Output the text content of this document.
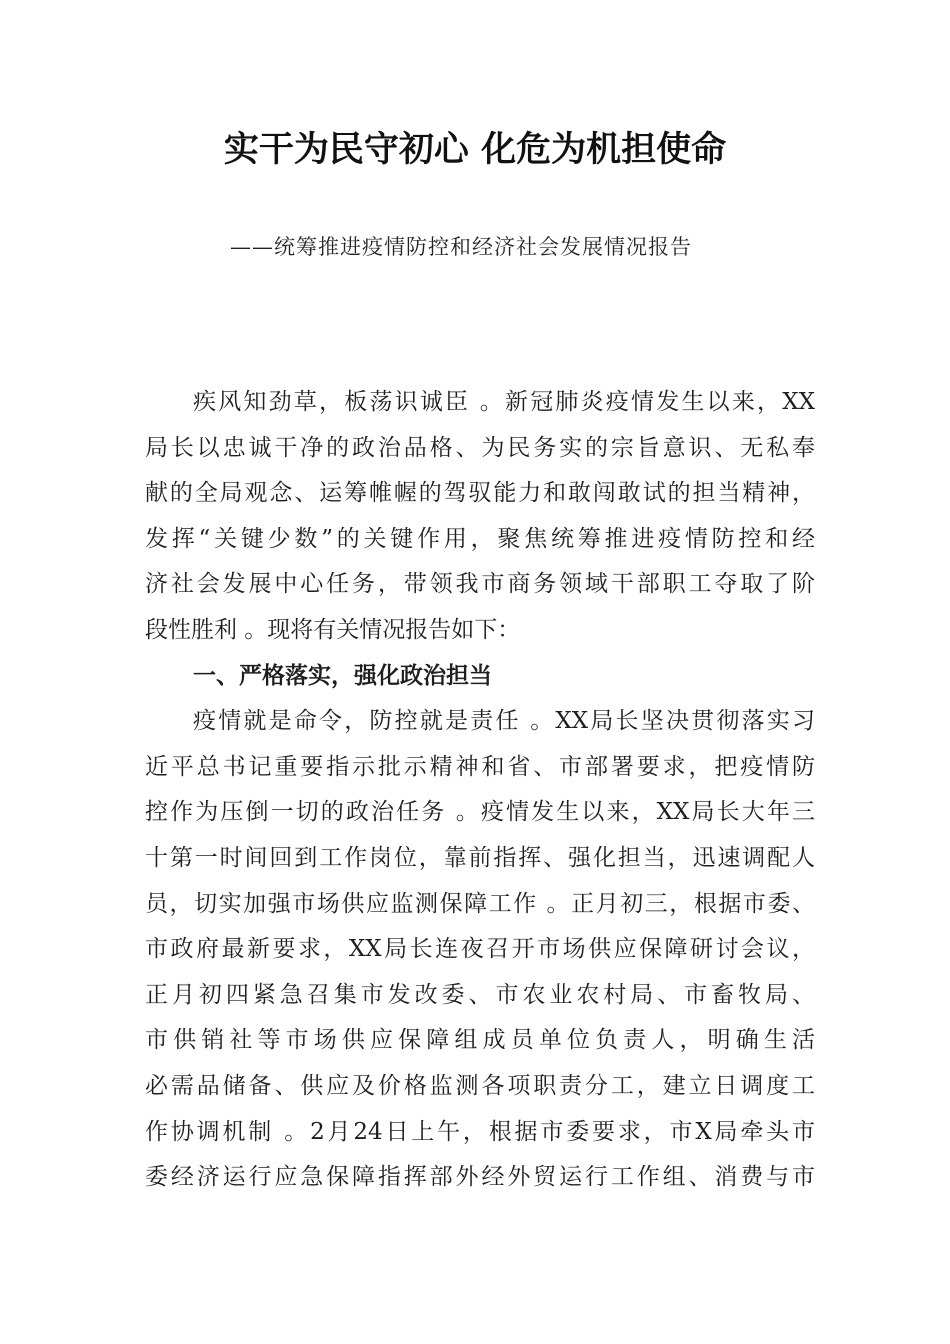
实干为民守初心 化危为机担使命
——统筹推进疫情防控和经济社会发展情况报告
疾风知劲草，板荡识诚臣 。新冠肺炎疫情发生以来，XX
局长以忠诚干净的政治品格、为民务实的宗旨意识、无私奉
献的全局观念、运筹帷幄的驾驭能力和敢闯敢试的担当精神，
发挥“关键少数”的关键作用，聚焦统筹推进疫情防控和经
济社会发展中心任务，带领我市商务领域干部职工夺取了阶
段性胜利 。现将有关情况报告如下：
一、严格落实，强化政治担当
疫情就是命令，防控就是责任 。XX局长坚决贯彻落实习
近平总书记重要指示批示精神和省、市部署要求，把疫情防
控作为压倒一切的政治任务 。疫情发生以来，XX局长大年三
十第一时间回到工作岗位，靠前指挥、强化担当，迅速调配人
员，切实加强市场供应监测保障工作 。正月初三，根据市委、
市政府最新要求，XX局长连夜召开市场供应保障研讨会议，
正月初四紧急召集市发改委、市农业农村局、市畜牧局、
市供销社等市场供应保障组成员单位负责人，明确生活
必需品储备、供应及价格监测各项职责分工，建立日调度工
作协调机制 。2月24日上午，根据市委要求，市X局牵头市
委经济运行应急保障指挥部外经外贸运行工作组、消费与市
